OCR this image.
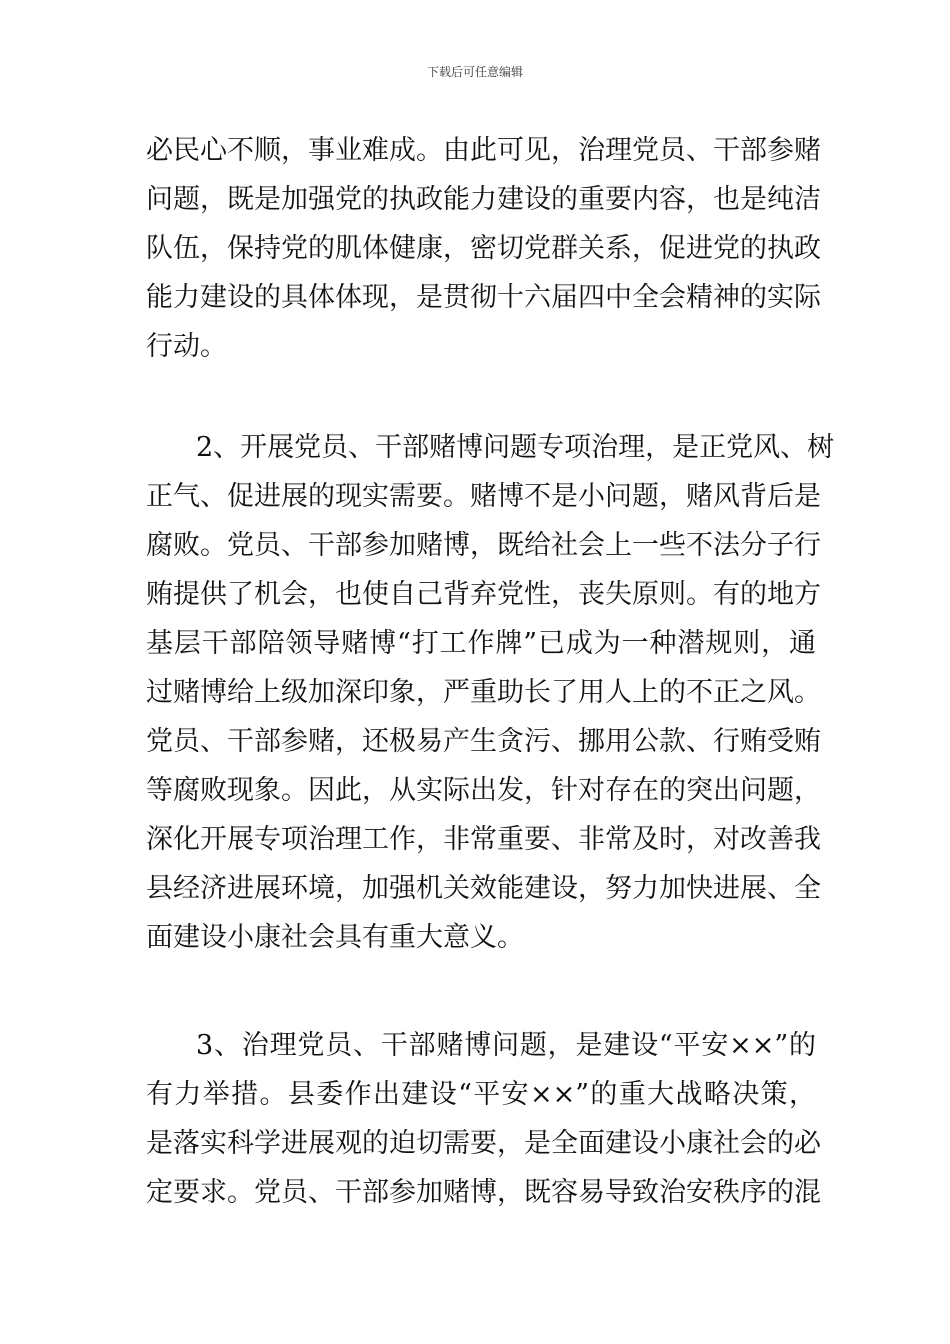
下载后可任意编辑
必民心不顺，事业难成。由此可见，治理党员、干部参赌
问题，既是加强党的执政能力建设的重要内容，也是纯洁
队伍，保持党的肌体健康，密切党群关系，促进党的执政
能力建设的具体体现，是贯彻十六届四中全会精神的实际
行动。
2、开展党员、干部赌博问题专项治理，是正党风、树
正气、促进展的现实需要。赌博不是小问题，赌风背后是
腐败。党员、干部参加赌博，既给社会上一些不法分子行
贿提供了机会，也使自己背弃党性，丧失原则。有的地方
基层干部陪领导赌博“打工作牌”已成为一种潜规则，通
过赌博给上级加深印象，严重助长了用人上的不正之风。
党员、干部参赌，还极易产生贪污、挪用公款、行贿受贿
等腐败现象。因此，从实际出发，针对存在的突出问题，
深化开展专项治理工作，非常重要、非常及时，对改善我
县经济进展环境，加强机关效能建设，努力加快进展、全
面建设小康社会具有重大意义。
3、治理党员、干部赌博问题，是建设“平安××”的
有力举措。县委作出建设“平安××”的重大战略决策，
是落实科学进展观的迫切需要，是全面建设小康社会的必
定要求。党员、干部参加赌博，既容易导致治安秩序的混
